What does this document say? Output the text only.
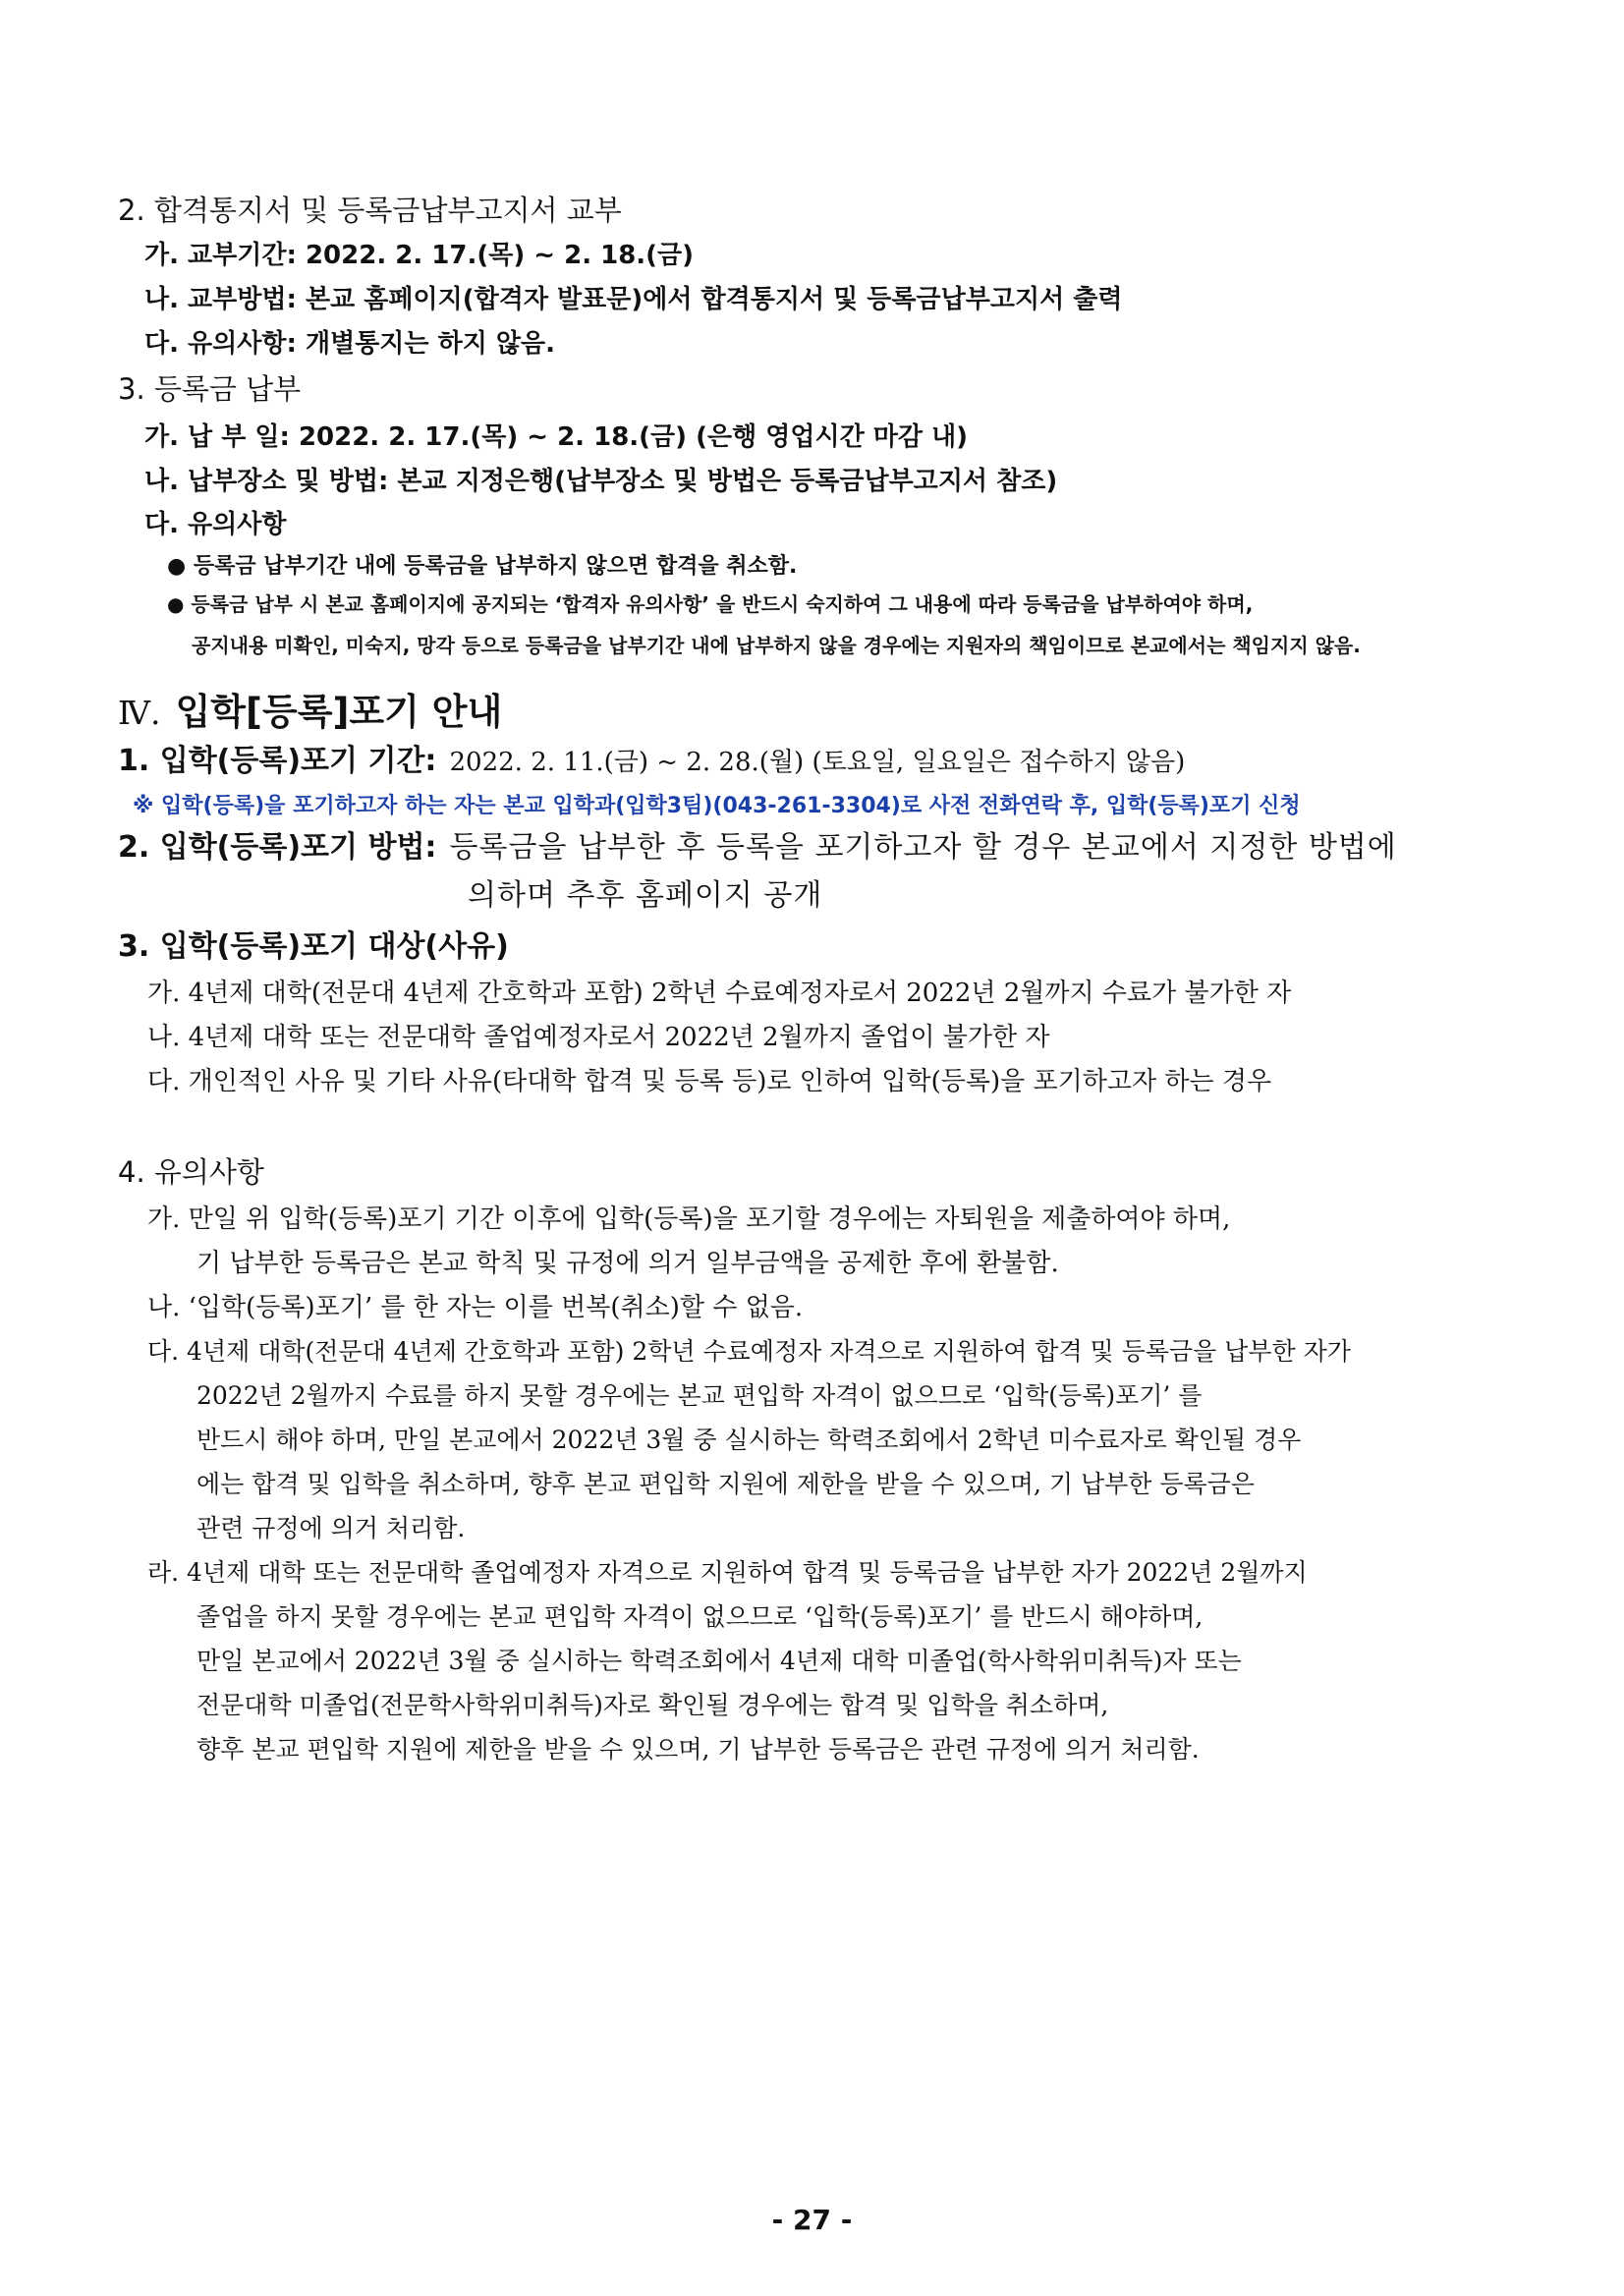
2. 합격통지서 및 등록금납부고지서 교부
가. 교부기간: 2022. 2. 17.(목) ~ 2. 18.(금)
나. 교부방법: 본교 홈페이지(합격자 발표문)에서 합격통지서 및 등록금납부고지서 출력
다. 유의사항: 개별통지는 하지 않음.
3. 등록금 납부
가. 납 부 일: 2022. 2. 17.(목) ~ 2. 18.(금) (은행 영업시간 마감 내)
나. 납부장소 및 방법: 본교 지정은행(납부장소 및 방법은 등록금납부고지서 참조)
다. 유의사항
● 등록금 납부기간 내에 등록금을 납부하지 않으면 합격을 취소함.
● 등록금 납부 시 본교 홈페이지에 공지되는 ‘합격자 유의사항’ 을 반드시 숙지하여 그 내용에 따라 등록금을 납부하여야 하며,
공지내용 미확인, 미숙지, 망각 등으로 등록금을 납부기간 내에 납부하지 않을 경우에는 지원자의 책임이므로 본교에서는 책임지지 않음.
Ⅳ. 입학[등록]포기 안내
1. 입학(등록)포기 기간: 2022. 2. 11.(금) ~ 2. 28.(월) (토요일, 일요일은 접수하지 않음)
※ 입학(등록)을 포기하고자 하는 자는 본교 입학과(입학3팀)(043-261-3304)로 사전 전화연락 후, 입학(등록)포기 신청
2. 입학(등록)포기 방법: 등록금을 납부한 후 등록을 포기하고자 할 경우 본교에서 지정한 방법에
의하며 추후 홈페이지 공개
3. 입학(등록)포기 대상(사유)
가. 4년제 대학(전문대 4년제 간호학과 포함) 2학년 수료예정자로서 2022년 2월까지 수료가 불가한 자
나. 4년제 대학 또는 전문대학 졸업예정자로서 2022년 2월까지 졸업이 불가한 자
다. 개인적인 사유 및 기타 사유(타대학 합격 및 등록 등)로 인하여 입학(등록)을 포기하고자 하는 경우
4. 유의사항
가. 만일 위 입학(등록)포기 기간 이후에 입학(등록)을 포기할 경우에는 자퇴원을 제출하여야 하며,
기 납부한 등록금은 본교 학칙 및 규정에 의거 일부금액을 공제한 후에 환불함.
나. ‘입학(등록)포기’ 를 한 자는 이를 번복(취소)할 수 없음.
다. 4년제 대학(전문대 4년제 간호학과 포함) 2학년 수료예정자 자격으로 지원하여 합격 및 등록금을 납부한 자가
2022년 2월까지 수료를 하지 못할 경우에는 본교 편입학 자격이 없으므로 ‘입학(등록)포기’ 를
반드시 해야 하며, 만일 본교에서 2022년 3월 중 실시하는 학력조회에서 2학년 미수료자로 확인될 경우
에는 합격 및 입학을 취소하며, 향후 본교 편입학 지원에 제한을 받을 수 있으며, 기 납부한 등록금은
관련 규정에 의거 처리함.
라. 4년제 대학 또는 전문대학 졸업예정자 자격으로 지원하여 합격 및 등록금을 납부한 자가 2022년 2월까지
졸업을 하지 못할 경우에는 본교 편입학 자격이 없으므로 ‘입학(등록)포기’ 를 반드시 해야하며,
만일 본교에서 2022년 3월 중 실시하는 학력조회에서 4년제 대학 미졸업(학사학위미취득)자 또는
전문대학 미졸업(전문학사학위미취득)자로 확인될 경우에는 합격 및 입학을 취소하며,
향후 본교 편입학 지원에 제한을 받을 수 있으며, 기 납부한 등록금은 관련 규정에 의거 처리함.
- 27 -
